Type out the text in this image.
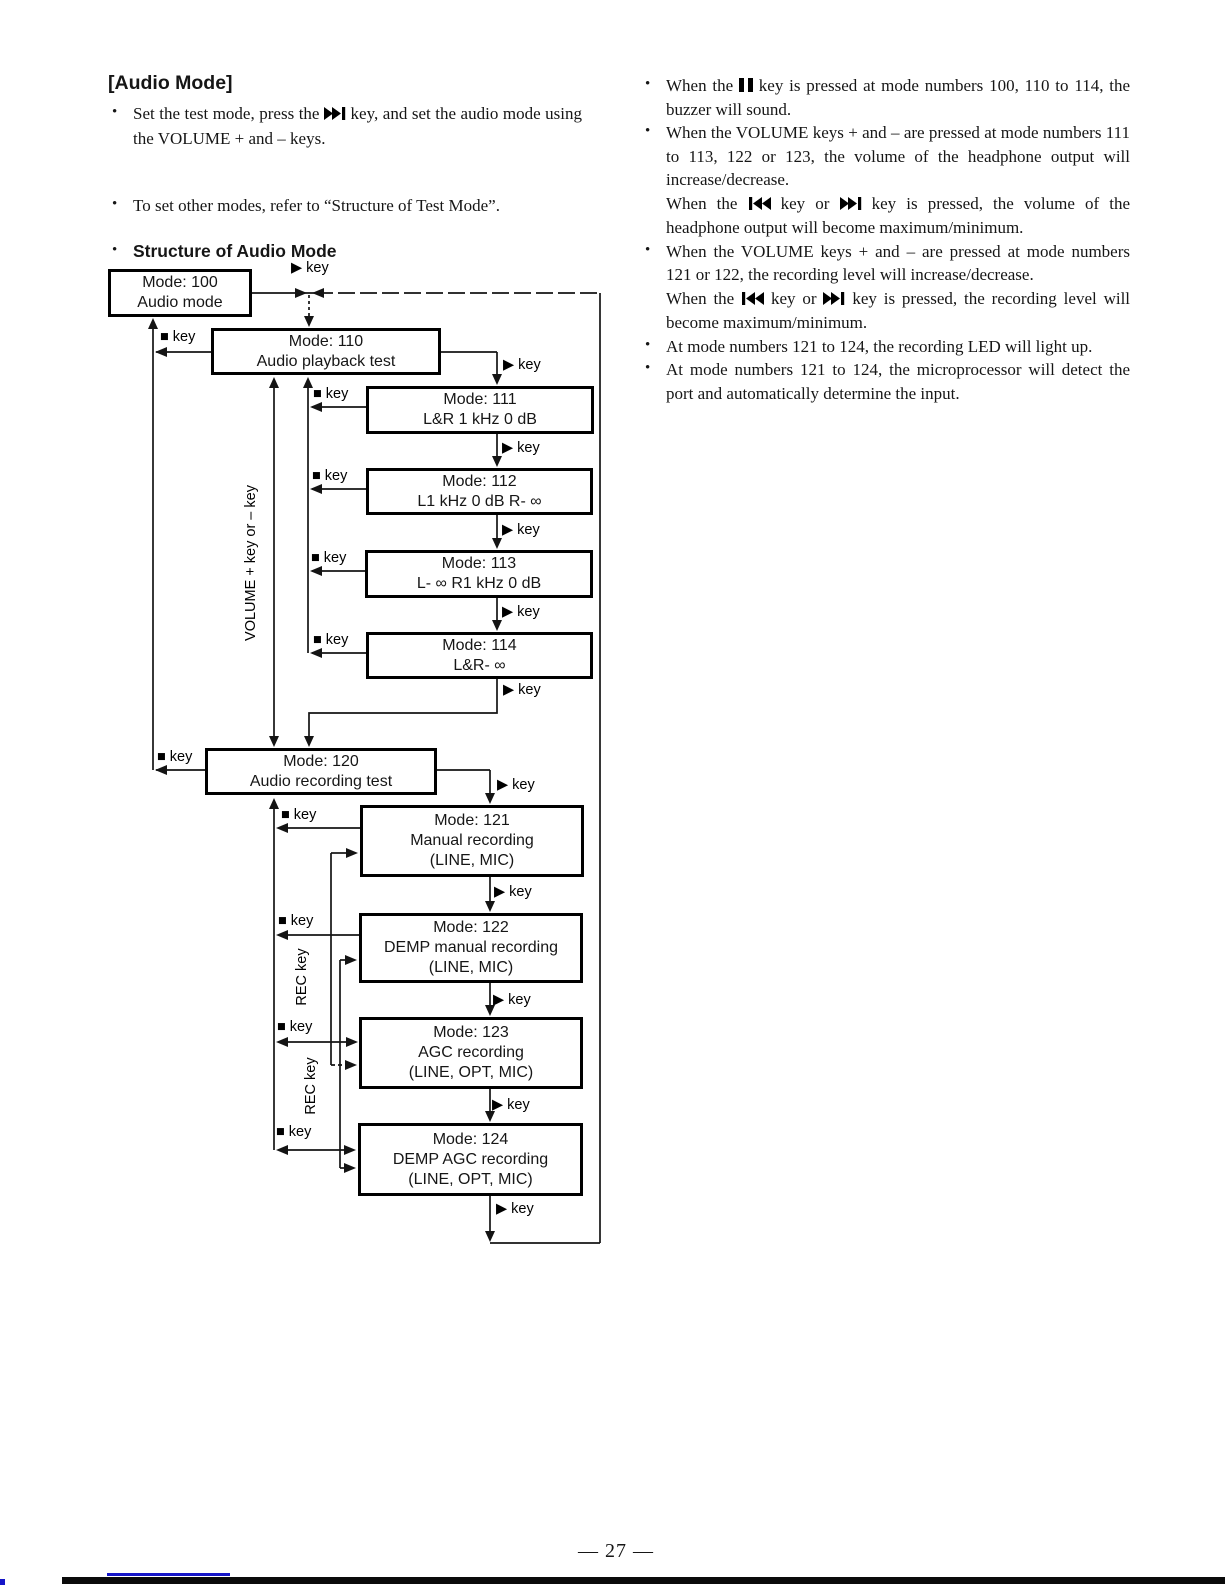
[Audio Mode]

• Set the test mode, press the key, and set the audio mode using the VOLUME + and – keys.

• To set other modes, refer to “Structure of Test Mode”.

• Structure of Audio Mode

• When the key is pressed at mode numbers 100, 110 to 114, the buzzer will sound.

• When the VOLUME keys + and – are pressed at mode numbers 111 to 113, 122 or 123, the volume of the headphone output will increase/decrease.

When the	key or key is pressed, the volume of the headphone output will become maximum/minimum.

• When the VOLUME keys + and – are pressed at mode numbers 121 or 122, the recording level will increase/decrease.

When the key or key is pressed, the recording level will become maximum/minimum.

• At mode numbers 121 to 124, the recording LED will light up.

• At mode numbers 121 to 124, the microprocessor will detect the port and automatically determine the input.

Mode: 100
Audio mode
Mode: 110
Audio playback test
Mode: 111
L&R 1 kHz 0 dB
Mode: 112
L1 kHz 0 dB R- ∞
Mode: 113
L- ∞ R1 kHz 0 dB
Mode: 114
L&R- ∞
Mode: 120
Audio recording test
Mode: 121
Manual recording
(LINE, MIC)
Mode: 122
DEMP manual recording
(LINE, MIC)
Mode: 123
AGC recording
(LINE, OPT, MIC)
Mode: 124
DEMP AGC recording
(LINE, OPT, MIC)
▶ key
■ key
▶ key
■ key
▶ key
■ key
▶ key
■ key
▶ key
■ key
▶ key
■ key
▶ key
■ key
▶ key
■ key
▶ key
■ key
▶ key
■ key
▶ key
VOLUME + key or – key
REC key
REC key
— 27 —
